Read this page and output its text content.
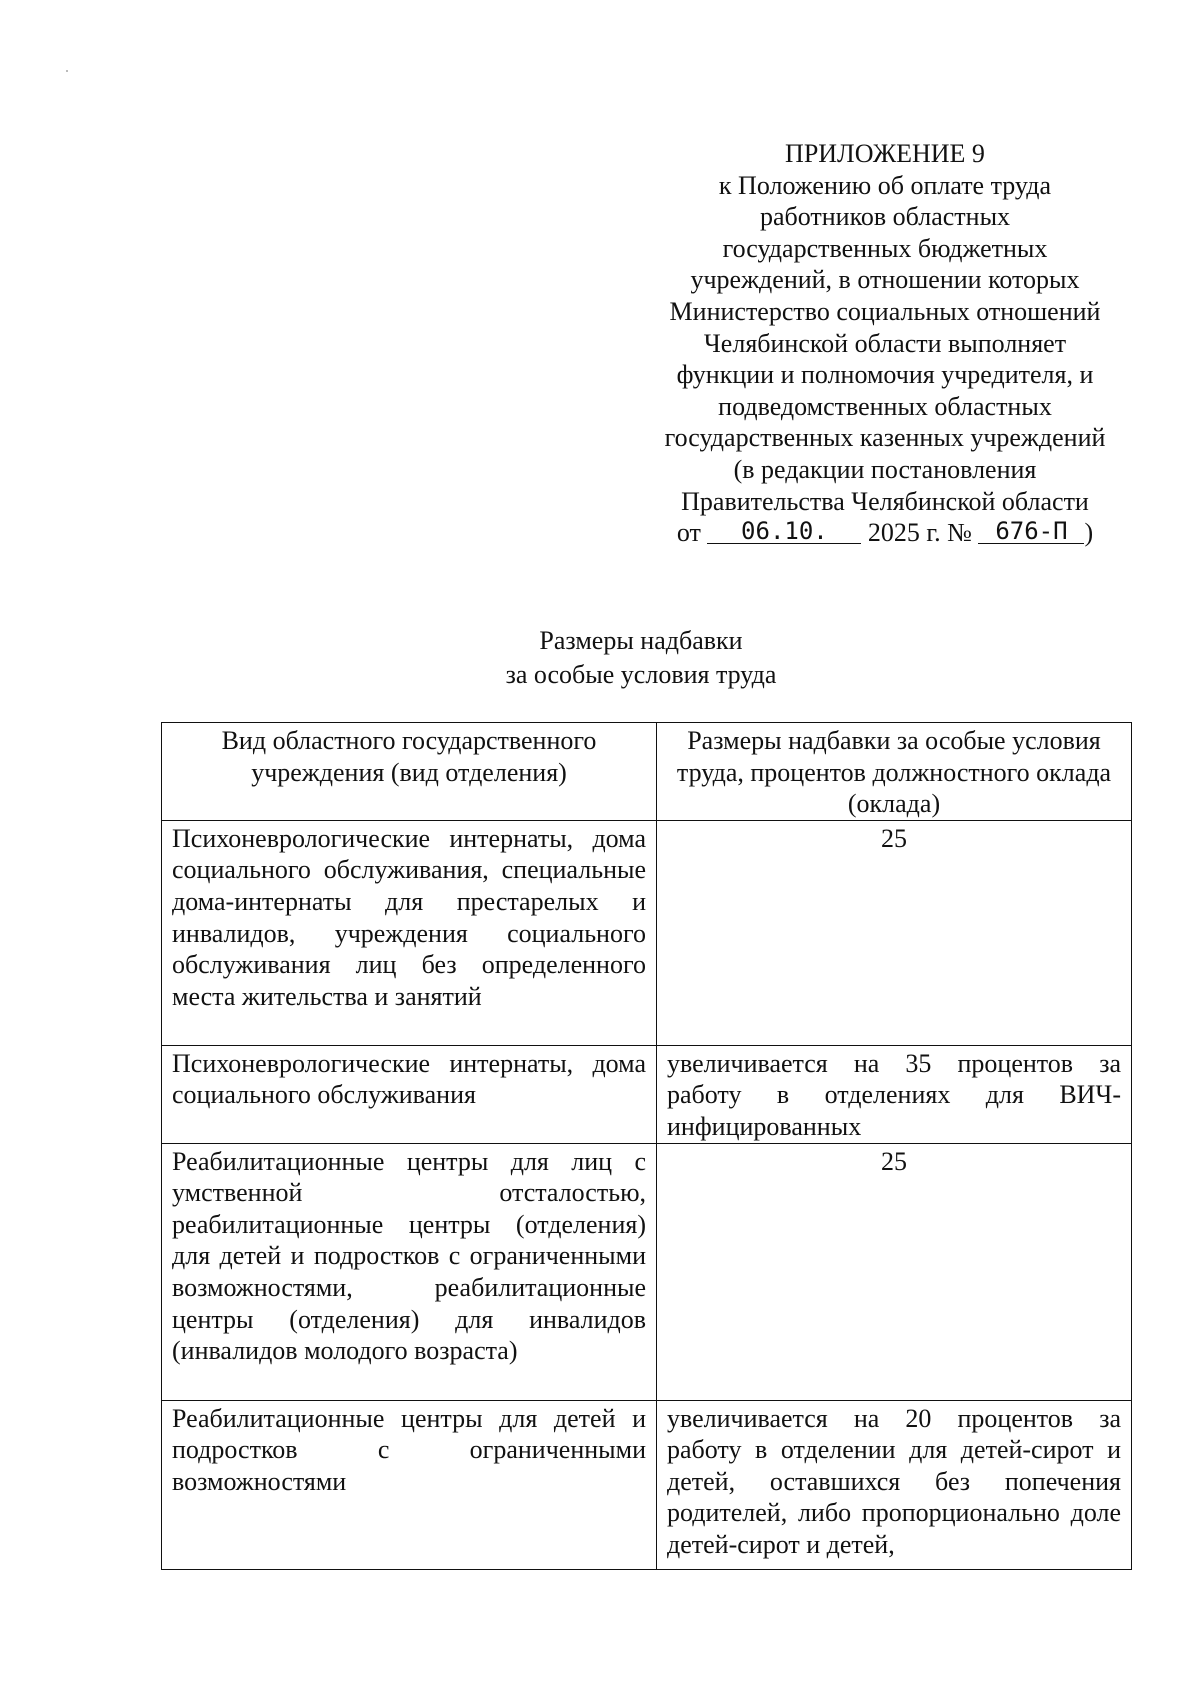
ПРИЛОЖЕНИЕ 9
к Положению об оплате труда
работников областных
государственных бюджетных
учреждений, в отношении которых
Министерство социальных отношений
Челябинской области выполняет
функции и полномочия учредителя, и
подведомственных областных
государственных казенных учреждений
(в редакции постановления
Правительства Челябинской области
от 06.10. 2025 г. № 676-П )
Размеры надбавки
за особые условия труда
Вид областного государственного учреждения (вид отделения)	Размеры надбавки за особые условия труда, процентов должностного оклада (оклада)
Психоневрологические интернаты, дома социального обслуживания, специальные дома-интернаты для престарелых и инвалидов, учреждения социального обслуживания лиц без определенного места жительства и занятий	25
Психоневрологические интернаты, дома социального обслуживания	увеличивается на 35 процентов за работу в отделениях для ВИЧ-инфицированных
Реабилитационные центры для лиц с умственной отсталостью, реабилитационные центры (отделения) для детей и подростков с ограниченными возможностями, реабилитационные центры (отделения) для инвалидов (инвалидов молодого возраста)	25
Реабилитационные центры для детей и подростков с ограниченными возможностями	увеличивается на 20 процентов за работу в отделении для детей-сирот и детей, оставшихся без попечения родителей, либо пропорционально доле детей-сирот и детей,
